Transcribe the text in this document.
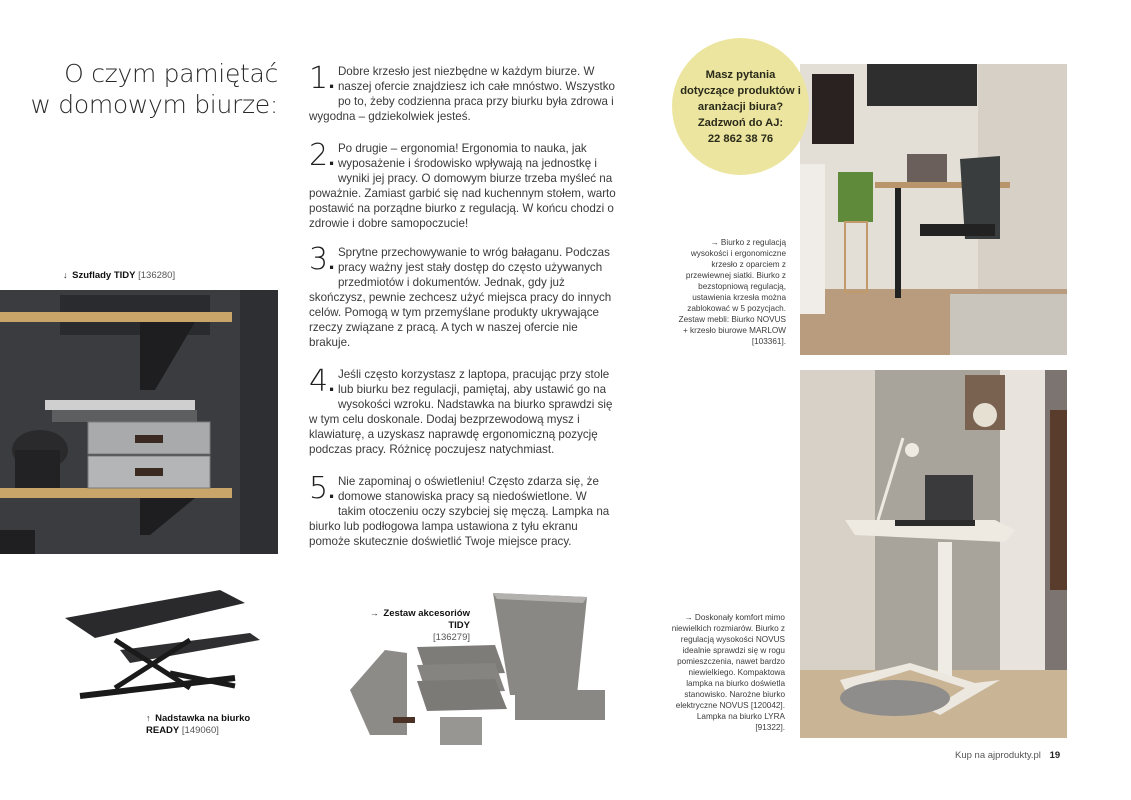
O czym pamiętać
w domowym biurze:
1.
Dobre krzesło jest niezbędne w każdym biurze. W naszej ofercie znajdziesz ich całe mnóstwo. Wszystko po to, żeby codzienna praca przy biurku była zdrowa i wygodna – gdziekolwiek jesteś.
2.
Po drugie – ergonomia! Ergonomia to nauka, jak wyposażenie i środowisko wpływają na jednostkę i wyniki jej pracy. O domowym biurze trzeba myśleć na poważnie. Zamiast garbić się nad kuchennym stołem, warto postawić na porządne biurko z regulacją. W końcu chodzi o zdrowie i dobre samopoczucie!
3.
Sprytne przechowywanie to wróg bałaganu. Podczas pracy ważny jest stały dostęp do często używanych przedmiotów i dokumentów. Jednak, gdy już skończysz, pewnie zechcesz użyć miejsca pracy do innych celów. Pomogą w tym przemyślane produkty ukrywające rzeczy związane z pracą. A tych w naszej ofercie nie brakuje.
4.
Jeśli często korzystasz z laptopa, pracując przy stole lub biurku bez regulacji, pamiętaj, aby ustawić go na wysokości wzroku. Nadstawka na biurko sprawdzi się w tym celu doskonale. Dodaj bezprzewodową mysz i klawiaturę, a uzyskasz naprawdę ergonomiczną pozycję podczas pracy. Różnicę poczujesz natychmiast.
5.
Nie zapominaj o oświetleniu! Często zdarza się, że domowe stanowiska pracy są niedoświetlone. W takim otoczeniu oczy szybciej się męczą. Lampka na biurko lub podłogowa lampa ustawiona z tyłu ekranu pomoże skutecznie doświetlić Twoje miejsce pracy.
↓ Szuflady TIDY [136280]
↑ Nadstawka na biurko
READY [149060]
→ Zestaw akcesoriów TIDY
[136279]
Masz pytania
dotyczące produktów i
aranżacji biura?
Zadzwoń do AJ:
22 862 38 76
→ Biurko z regulacją wysokości i ergonomiczne krzesło z oparciem z przewiewnej siatki. Biurko z bezstopniową regulacją, ustawienia krzesła można zablokować w 5 pozycjach. Zestaw mebli: Biurko NOVUS + krzesło biurowe MARLOW [103361].
→ Doskonały komfort mimo niewielkich rozmiarów. Biurko z regulacją wysokości NOVUS idealnie sprawdzi się w rogu pomieszczenia, nawet bardzo niewielkiego. Kompaktowa lampka na biurko doświetla stanowisko. Narożne biurko elektryczne NOVUS [120042]. Lampka na biurko LYRA [91322].
Kup na ajprodukty.pl 19
